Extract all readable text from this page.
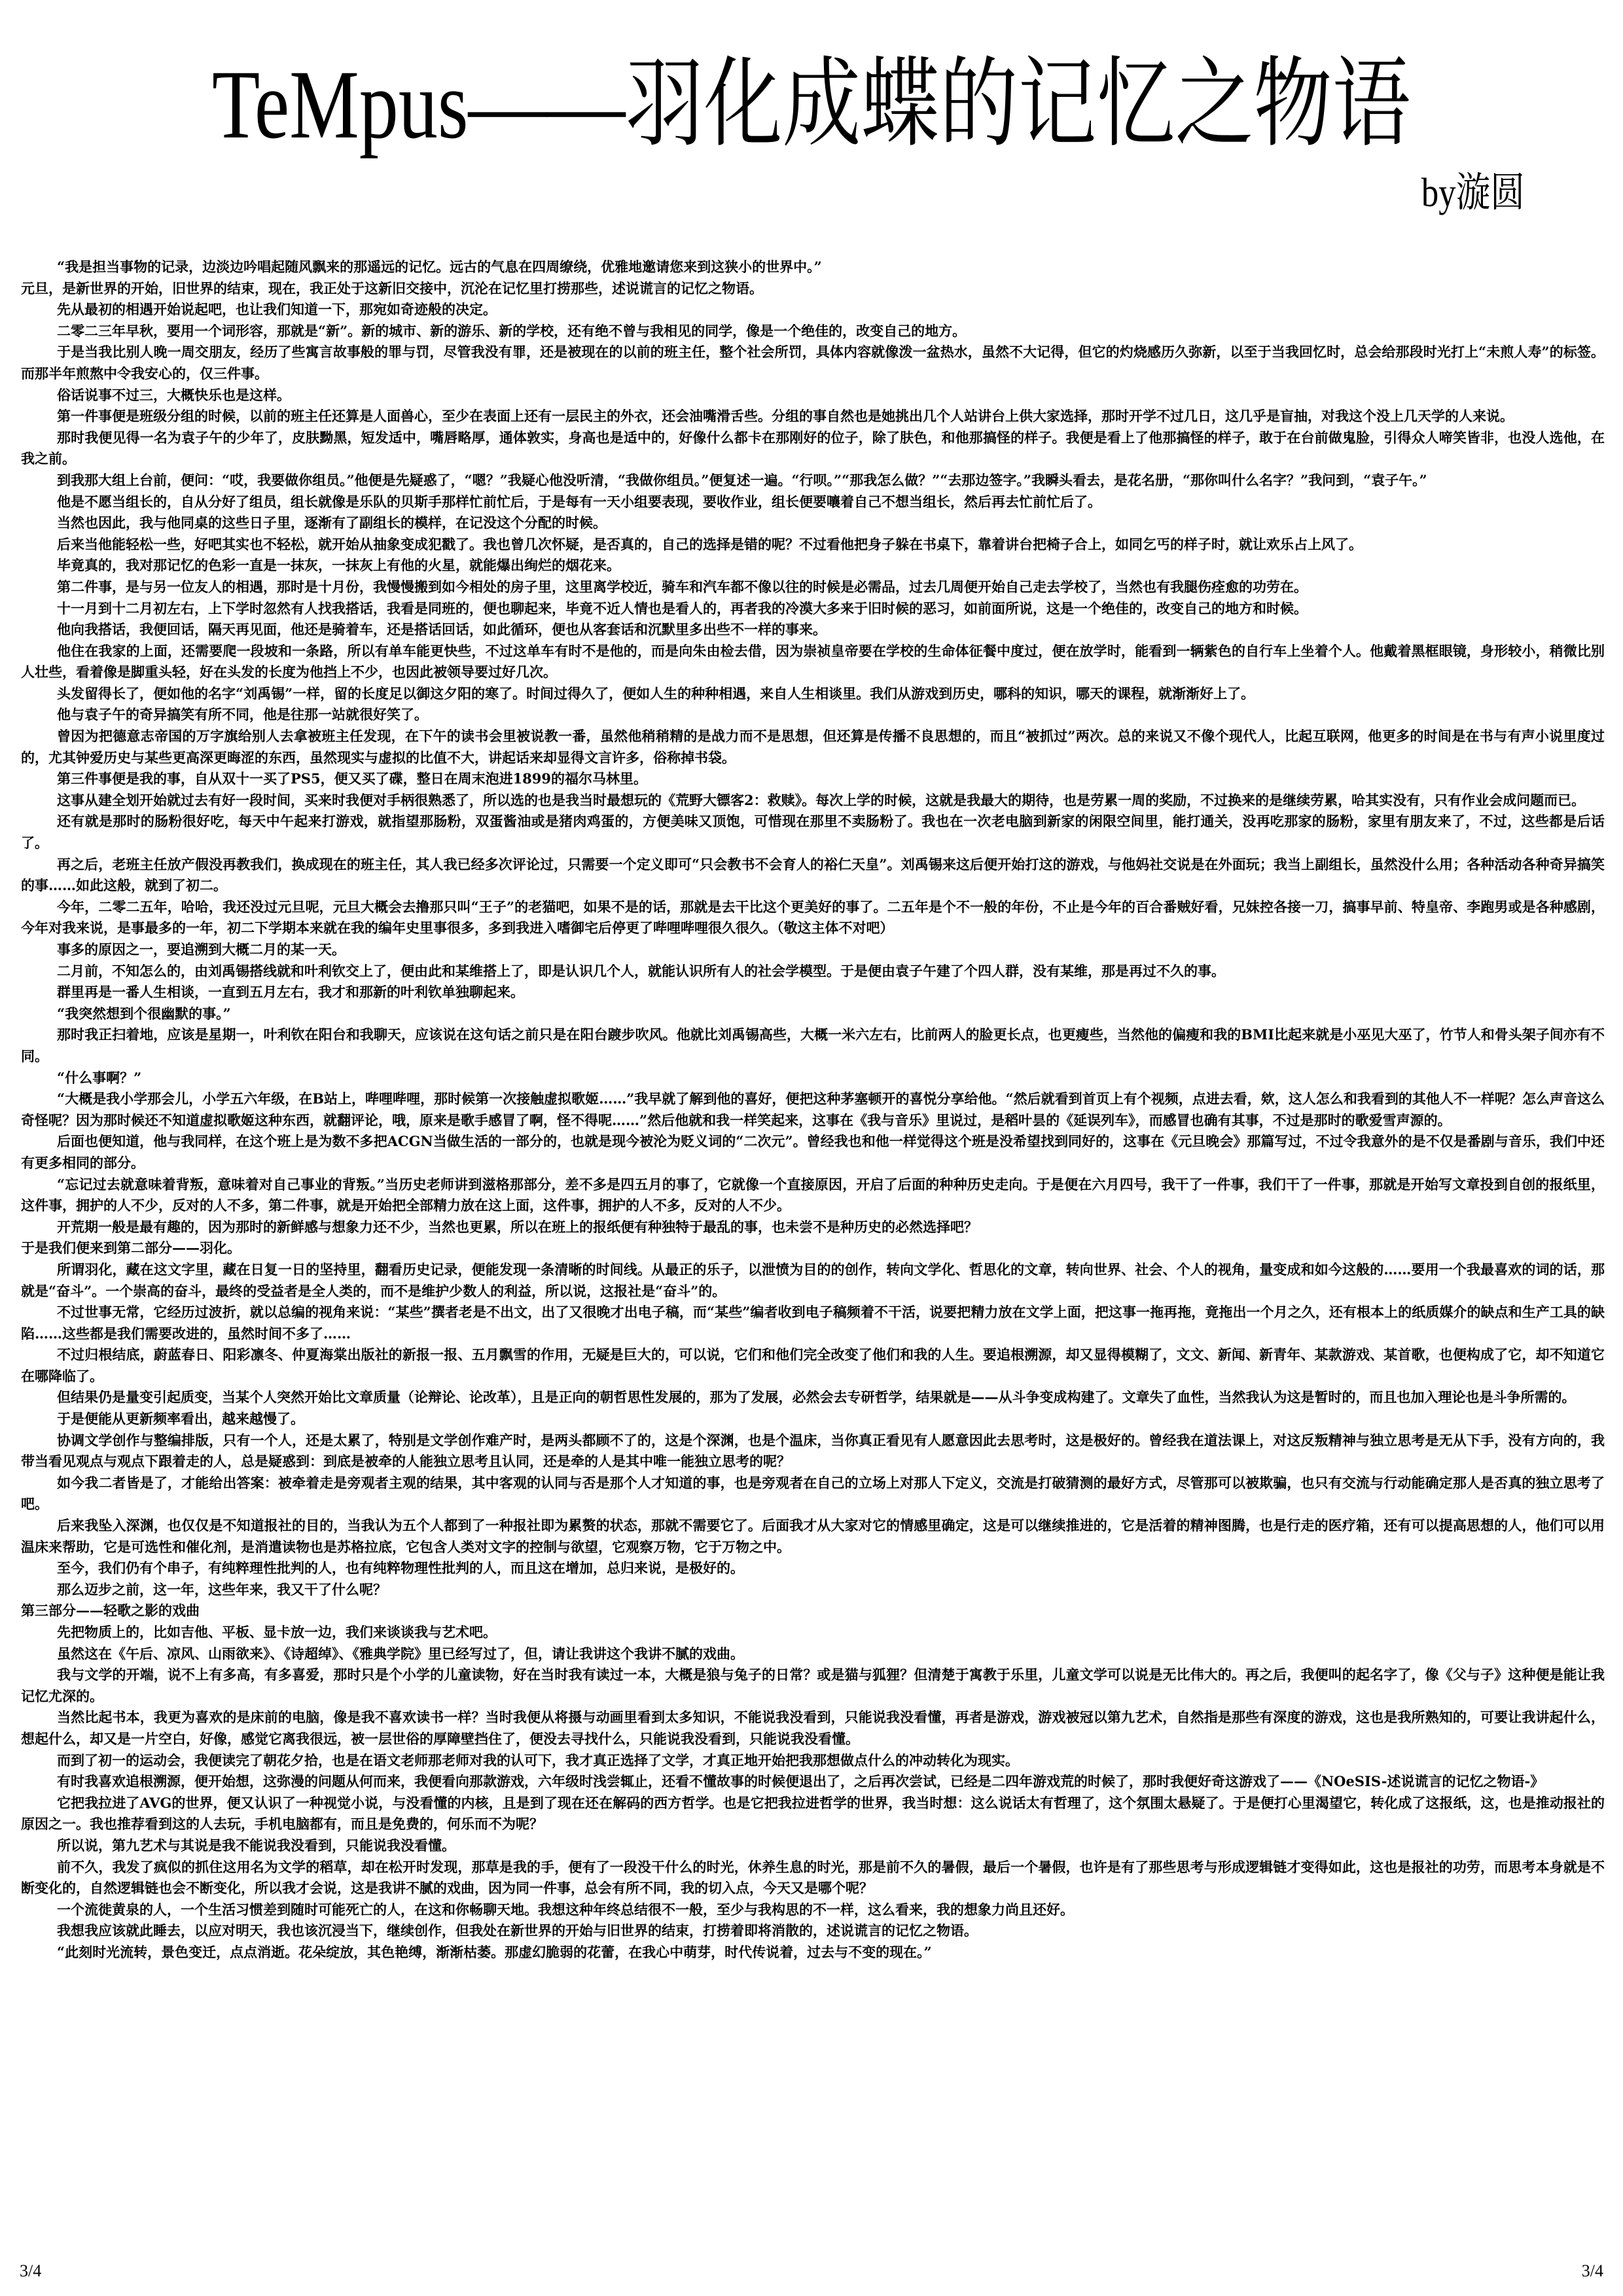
TeMpus——羽化成蝶的记忆之物语
by漩圆

“我是担当事物的记录，边淡边吟唱起随风飘来的那遥远的记忆。远古的气息在四周缭绕，优雅地邀请您来到这狭小的世界中。”

元旦，是新世界的开始，旧世界的结束，现在，我正处于这新旧交接中，沉沦在记忆里打捞那些，述说谎言的记忆之物语。

先从最初的相遇开始说起吧，也让我们知道一下，那宛如奇迹般的决定。

二零二三年早秋，要用一个词形容，那就是“新”。新的城市、新的游乐、新的学校，还有绝不曾与我相见的同学，像是一个绝佳的，改变自己的地方。

于是当我比别人晚一周交朋友，经历了些寓言故事般的罪与罚，尽管我没有罪，还是被现在的以前的班主任，整个社会所罚，具体内容就像泼一盆热水，虽然不大记得，但它的灼烧感历久弥新，以至于当我回忆时，总会给那段时光打上“未煎人寿”的标签。而那半年煎熬中令我安心的，仅三件事。

俗话说事不过三，大概快乐也是这样。

第一件事便是班级分组的时候，以前的班主任还算是人面兽心，至少在表面上还有一层民主的外衣，还会油嘴滑舌些。分组的事自然也是她挑出几个人站讲台上供大家选择，那时开学不过几日，这几乎是盲抽，对我这个没上几天学的人来说。

那时我便见得一名为袁子午的少年了，皮肤黝黑，短发适中，嘴唇略厚，通体敦实，身高也是适中的，好像什么都卡在那刚好的位子，除了肤色，和他那搞怪的样子。我便是看上了他那搞怪的样子，敢于在台前做鬼脸，引得众人啼笑皆非，也没人选他，在我之前。

到我那大组上台前，便问：“哎，我要做你组员。”他便是先疑惑了，“嗯？”我疑心他没听清，“我做你组员。”便复述一遍。“行呗。”“那我怎么做？”“去那边签字。”我瞬头看去，是花名册，“那你叫什么名字？”我问到，“袁子午。”

他是不愿当组长的，自从分好了组员，组长就像是乐队的贝斯手那样忙前忙后，于是每有一天小组要表现，要收作业，组长便要嚷着自己不想当组长，然后再去忙前忙后了。

当然也因此，我与他同桌的这些日子里，逐渐有了副组长的模样，在记没这个分配的时候。

后来当他能轻松一些，好吧其实也不轻松，就开始从抽象变成犯戳了。我也曾几次怀疑，是否真的，自己的选择是错的呢？不过看他把身子躲在书桌下，靠着讲台把椅子合上，如同乞丐的样子时，就让欢乐占上风了。

毕竟真的，我对那记忆的色彩一直是一抹灰，一抹灰上有他的火星，就能爆出绚烂的烟花来。

第二件事，是与另一位友人的相遇，那时是十月份，我慢慢搬到如今相处的房子里，这里离学校近，骑车和汽车都不像以往的时候是必需品，过去几周便开始自己走去学校了，当然也有我腿伤痊愈的功劳在。

十一月到十二月初左右，上下学时忽然有人找我搭话，我看是同班的，便也聊起来，毕竟不近人情也是看人的，再者我的冷漠大多来于旧时候的恶习，如前面所说，这是一个绝佳的，改变自己的地方和时候。

他向我搭话，我便回话，隔天再见面，他还是骑着车，还是搭话回话，如此循环，便也从客套话和沉默里多出些不一样的事来。

他住在我家的上面，还需要爬一段坡和一条路，所以有单车能更快些，不过这单车有时不是他的，而是向朱由检去借，因为崇祯皇帝要在学校的生命体征餐中度过，便在放学时，能看到一辆紫色的自行车上坐着个人。他戴着黑框眼镜，身形较小，稍微比别人壮些，看着像是脚重头轻，好在头发的长度为他挡上不少，也因此被领导要过好几次。

头发留得长了，便如他的名字“刘禹锡”一样，留的长度足以御这夕阳的寒了。时间过得久了，便如人生的种种相遇，来自人生相谈里。我们从游戏到历史，哪科的知识，哪天的课程，就渐渐好上了。

他与袁子午的奇异搞笑有所不同，他是往那一站就很好笑了。

曾因为把德意志帝国的万字旗给别人去拿被班主任发现，在下午的读书会里被说教一番，虽然他稍稍精的是战力而不是思想，但还算是传播不良思想的，而且“被抓过”两次。总的来说又不像个现代人，比起互联网，他更多的时间是在书与有声小说里度过的，尤其钟爱历史与某些更高深更晦涩的东西，虽然现实与虚拟的比值不大，讲起话来却显得文言许多，俗称掉书袋。

第三件事便是我的事，自从双十一买了PS5，便又买了碟，整日在周末泡进1899的福尔马林里。

这事从建全划开始就过去有好一段时间，买来时我便对手柄很熟悉了，所以选的也是我当时最想玩的《荒野大镖客2：救赎》。每次上学的时候，这就是我最大的期待，也是劳累一周的奖励，不过换来的是继续劳累，哈其实没有，只有作业会成问题而已。

还有就是那时的肠粉很好吃，每天中午起来打游戏，就指望那肠粉，双蛋酱油或是猪肉鸡蛋的，方便美味又顶饱，可惜现在那里不卖肠粉了。我也在一次老电脑到新家的闲限空间里，能打通关，没再吃那家的肠粉，家里有朋友来了，不过，这些都是后话了。

再之后，老班主任放产假没再教我们，换成现在的班主任，其人我已经多次评论过，只需要一个定义即可“只会教书不会育人的裕仁天皇”。刘禹锡来这后便开始打这的游戏，与他妈社交说是在外面玩；我当上副组长，虽然没什么用；各种活动各种奇异搞笑的事……如此这般，就到了初二。

今年，二零二五年，哈哈，我还没过元旦呢，元旦大概会去撸那只叫“王子”的老猫吧，如果不是的话，那就是去干比这个更美好的事了。二五年是个不一般的年份，不止是今年的百合番贼好看，兄妹控各接一刀，搞事早前、特皇帝、李跑男或是各种感剧，今年对我来说，是事最多的一年，初二下学期本来就在我的编年史里事很多，多到我进入嗜御宅后停更了哔哩哔哩很久很久。（敬这主体不对吧）

事多的原因之一，要追溯到大概二月的某一天。

二月前，不知怎么的，由刘禹锡搭线就和叶利钦交上了，便由此和某维搭上了，即是认识几个人，就能认识所有人的社会学模型。于是便由袁子午建了个四人群，没有某维，那是再过不久的事。

群里再是一番人生相谈，一直到五月左右，我才和那新的叶利钦单独聊起来。

“我突然想到个很幽默的事。”

那时我正扫着地，应该是星期一，叶利钦在阳台和我聊天，应该说在这句话之前只是在阳台踱步吹风。他就比刘禹锡高些，大概一米六左右，比前两人的脸更长点，也更瘦些，当然他的偏瘦和我的BMI比起来就是小巫见大巫了，竹节人和骨头架子间亦有不同。

“什么事啊？”

“大概是我小学那会儿，小学五六年级，在B站上，哔哩哔哩，那时候第一次接触虚拟歌姬……”我早就了解到他的喜好，便把这种茅塞顿开的喜悦分享给他。“然后就看到首页上有个视频，点进去看，欸，这人怎么和我看到的其他人不一样呢？怎么声音这么奇怪呢？因为那时候还不知道虚拟歌姬这种东西，就翻评论，哦，原来是歌手感冒了啊，怪不得呢……”然后他就和我一样笑起来，这事在《我与音乐》里说过，是稻叶昙的《延误列车》，而感冒也确有其事，不过是那时的歌爱雪声源的。

后面也便知道，他与我同样，在这个班上是为数不多把ACGN当做生活的一部分的，也就是现今被沦为贬义词的“二次元”。曾经我也和他一样觉得这个班是没希望找到同好的，这事在《元旦晚会》那篇写过，不过令我意外的是不仅是番剧与音乐，我们中还有更多相同的部分。

“忘记过去就意味着背叛，意味着对自己事业的背叛。”当历史老师讲到滋格那部分，差不多是四五月的事了，它就像一个直接原因，开启了后面的种种历史走向。于是便在六月四号，我干了一件事，我们干了一件事，那就是开始写文章投到自创的报纸里，这件事，拥护的人不少，反对的人不多，第二件事，就是开始把全部精力放在这上面，这件事，拥护的人不多，反对的人不少。

开荒期一般是最有趣的，因为那时的新鲜感与想象力还不少，当然也更累，所以在班上的报纸便有种独特于最乱的事，也未尝不是种历史的必然选择吧？

于是我们便来到第二部分——羽化。

所谓羽化，藏在这文字里，藏在日复一日的坚持里，翻看历史记录，便能发现一条清晰的时间线。从最正的乐子，以泄愤为目的的创作，转向文学化、哲思化的文章，转向世界、社会、个人的视角，量变成和如今这般的……要用一个我最喜欢的词的话，那就是“奋斗”。一个崇高的奋斗，最终的受益者是全人类的，而不是维护少数人的利益，所以说，这报社是“奋斗”的。

不过世事无常，它经历过波折，就以总编的视角来说：“某些”撰者老是不出文，出了又很晚才出电子稿，而“某些”编者收到电子稿频着不干活，说要把精力放在文学上面，把这事一拖再拖，竟拖出一个月之久，还有根本上的纸质媒介的缺点和生产工具的缺陷……这些都是我们需要改进的，虽然时间不多了……

不过归根结底，蔚蓝春日、阳彩凛冬、仲夏海棠出版社的新报一报、五月飘雪的作用，无疑是巨大的，可以说，它们和他们完全改变了他们和我的人生。要追根溯源，却又显得模糊了，文文、新闻、新青年、某款游戏、某首歌，也便构成了它，却不知道它在哪降临了。

但结果仍是量变引起质变，当某个人突然开始比文章质量（论辩论、论改革），且是正向的朝哲思性发展的，那为了发展，必然会去专研哲学，结果就是——从斗争变成构建了。文章失了血性，当然我认为这是暂时的，而且也加入理论也是斗争所需的。

于是便能从更新频率看出，越来越慢了。

协调文学创作与整编排版，只有一个人，还是太累了，特别是文学创作难产时，是两头都顾不了的，这是个深渊，也是个温床，当你真正看见有人愿意因此去思考时，这是极好的。曾经我在道法课上，对这反叛精神与独立思考是无从下手，没有方向的，我带当看见观点与观点下跟着走的人，总是疑惑到：到底是被牵的人能独立思考且认同，还是牵的人是其中唯一能独立思考的呢？

如今我二者皆是了，才能给出答案：被牵着走是旁观者主观的结果，其中客观的认同与否是那个人才知道的事，也是旁观者在自己的立场上对那人下定义，交流是打破猜测的最好方式，尽管那可以被欺骗，也只有交流与行动能确定那人是否真的独立思考了吧。

后来我坠入深渊，也仅仅是不知道报社的目的，当我认为五个人都到了一种报社即为累赘的状态，那就不需要它了。后面我才从大家对它的情感里确定，这是可以继续推进的，它是活着的精神图腾，也是行走的医疗箱，还有可以提高思想的人，他们可以用温床来帮助，它是可选性和催化剂，是消遣读物也是苏格拉底，它包含人类对文字的控制与欲望，它观察万物，它于万物之中。

至今，我们仍有个串子，有纯粹理性批判的人，也有纯粹物理性批判的人，而且这在增加，总归来说，是极好的。

那么迈步之前，这一年，这些年来，我又干了什么呢？

第三部分——轻歌之影的戏曲

先把物质上的，比如吉他、平板、显卡放一边，我们来谈谈我与艺术吧。

虽然这在《午后、凉风、山雨欲来》、《诗超绰》、《雅典学院》里已经写过了，但，请让我讲这个我讲不腻的戏曲。

我与文学的开端，说不上有多高，有多喜爱，那时只是个小学的儿童读物，好在当时我有读过一本，大概是狼与兔子的日常？或是猫与狐狸？但清楚于寓教于乐里，儿童文学可以说是无比伟大的。再之后，我便叫的起名字了，像《父与子》这种便是能让我记忆尤深的。

当然比起书本，我更为喜欢的是床前的电脑，像是我不喜欢读书一样？当时我便从将摄与动画里看到太多知识，不能说我没看到，只能说我没看懂，再者是游戏，游戏被冠以第九艺术，自然指是那些有深度的游戏，这也是我所熟知的，可要让我讲起什么，想起什么，却又是一片空白，好像，感觉它离我很远，被一层世俗的厚障壁挡住了，便没去寻找什么，只能说我没看到，只能说我没看懂。

而到了初一的运动会，我便读完了朝花夕拾，也是在语文老师那老师对我的认可下，我才真正选择了文学，才真正地开始把我那想做点什么的冲动转化为现实。

有时我喜欢追根溯源，便开始想，这弥漫的问题从何而来，我便看向那款游戏，六年级时浅尝辄止，还看不懂故事的时候便退出了，之后再次尝试，已经是二四年游戏荒的时候了，那时我便好奇这游戏了——《NOeSIS-述说谎言的记忆之物语-》

它把我拉进了AVG的世界，便又认识了一种视觉小说，与没看懂的内核，且是到了现在还在解码的西方哲学。也是它把我拉进哲学的世界，我当时想：这么说话太有哲理了，这个氛围太悬疑了。于是便打心里渴望它，转化成了这报纸，这，也是推动报社的原因之一。我也推荐看到这的人去玩，手机电脑都有，而且是免费的，何乐而不为呢？

所以说，第九艺术与其说是我不能说我没看到，只能说我没看懂。

前不久，我发了疯似的抓住这用名为文学的稻草，却在松开时发现，那草是我的手，便有了一段没干什么的时光，休养生息的时光，那是前不久的暑假，最后一个暑假，也许是有了那些思考与形成逻辑链才变得如此，这也是报社的功劳，而思考本身就是不断变化的，自然逻辑链也会不断变化，所以我才会说，这是我讲不腻的戏曲，因为同一件事，总会有所不同，我的切入点，今天又是哪个呢？

一个流徙黄泉的人，一个生活习惯差到随时可能死亡的人，在这和你畅聊天地。我想这种年终总结很不一般，至少与我构思的不一样，这么看来，我的想象力尚且还好。

我想我应该就此睡去，以应对明天，我也该沉浸当下，继续创作，但我处在新世界的开始与旧世界的结束，打捞着即将消散的，述说谎言的记忆之物语。

“此刻时光流转，景色变迁，点点消逝。花朵绽放，其色艳缚，渐渐枯萎。那虚幻脆弱的花蕾，在我心中萌芽，时代传说着，过去与不变的现在。”

3/4	3/4
